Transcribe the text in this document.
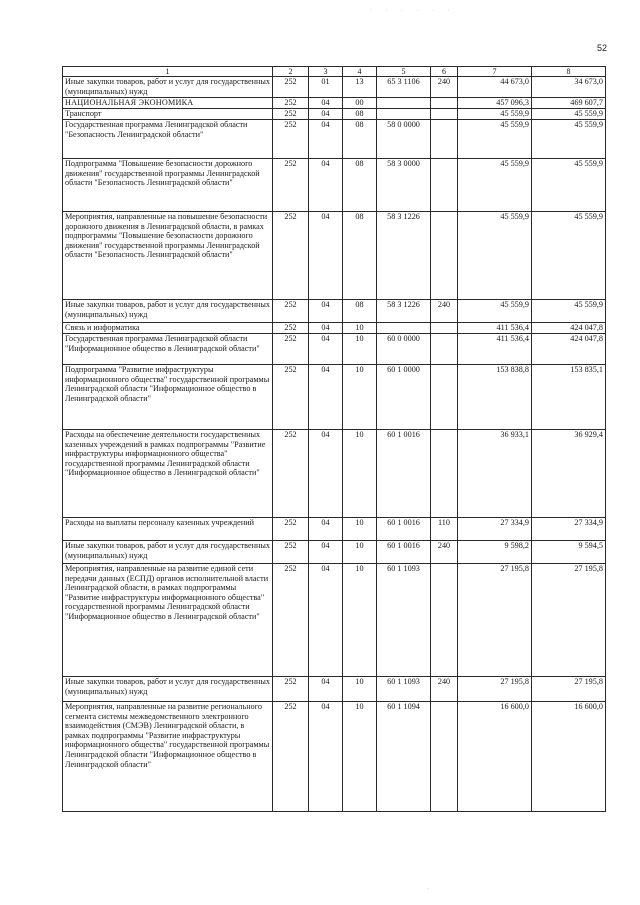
· · · · · ·
52
1	2	3	4	5	6	7	8
Иные закупки товаров, работ и услуг для государственных (муниципальных) нужд	252	01	13	65 3 1106	240	44 673,0	34 673,0
НАЦИОНАЛЬНАЯ ЭКОНОМИКА	252	04	00			457 096,3	469 607,7
Транспорт	252	04	08			45 559,9	45 559,9
Государственная программа Ленинградской области "Безопасность Ленинградской области"	252	04	08	58 0 0000		45 559,9	45 559,9
Подпрограмма "Повышение безопасности дорожного движения" государственной программы Ленинградской области "Безопасность Ленинградской области"	252	04	08	58 3 0000		45 559,9	45 559,9
Мероприятия, направленные на повышение безопасности дорожного движения в Ленинградской области, в рамках подпрограммы "Повышение безопасности дорожного движения" государственной программы Ленинградской области "Безопасность Ленинградской области"	252	04	08	58 3 1226		45 559,9	45 559,9
Иные закупки товаров, работ и услуг для государственных (муниципальных) нужд	252	04	08	58 3 1226	240	45 559,9	45 559,9
Связь и информатика	252	04	10			411 536,4	424 047,8
Государственная программа Ленинградской области "Информационное общество в Ленинградской области"	252	04	10	60 0 0000		411 536,4	424 047,8
Подпрограмма "Развитие инфраструктуры информационного общества" государственной программы Ленинградской области "Информационное общество в Ленинградской области"	252	04	10	60 1 0000		153 838,8	153 835,1
Расходы на обеспечение деятельности государственных казенных учреждений в рамках подпрограммы "Развитие инфраструктуры информационного общества" государственной программы Ленинградской области "Информационное общество в Ленинградской области"	252	04	10	60 1 0016		36 933,1	36 929,4
Расходы на выплаты персоналу казенных учреждений	252	04	10	60 1 0016	110	27 334,9	27 334,9
Иные закупки товаров, работ и услуг для государственных (муниципальных) нужд	252	04	10	60 1 0016	240	9 598,2	9 594,5
Мероприятия, направленные на развитие единой сети передачи данных (ЕСПД) органов исполнительной власти Ленинградской области, в рамках подпрограммы "Развитие инфраструктуры информационного общества" государственной программы Ленинградской области "Информационное общество в Ленинградской области"	252	04	10	60 1 1093		27 195,8	27 195,8
Иные закупки товаров, работ и услуг для государственных (муниципальных) нужд	252	04	10	60 1 1093	240	27 195,8	27 195,8
Мероприятия, направленные на развитие регионального сегмента системы межведомственного электронного взаимодействия (СМЭВ) Ленинградской области, в рамках подпрограммы "Развитие инфраструктуры информационного общества" государственной программы Ленинградской области "Информационное общество в Ленинградской области"	252	04	10	60 1 1094		16 600,0	16 600,0
·
